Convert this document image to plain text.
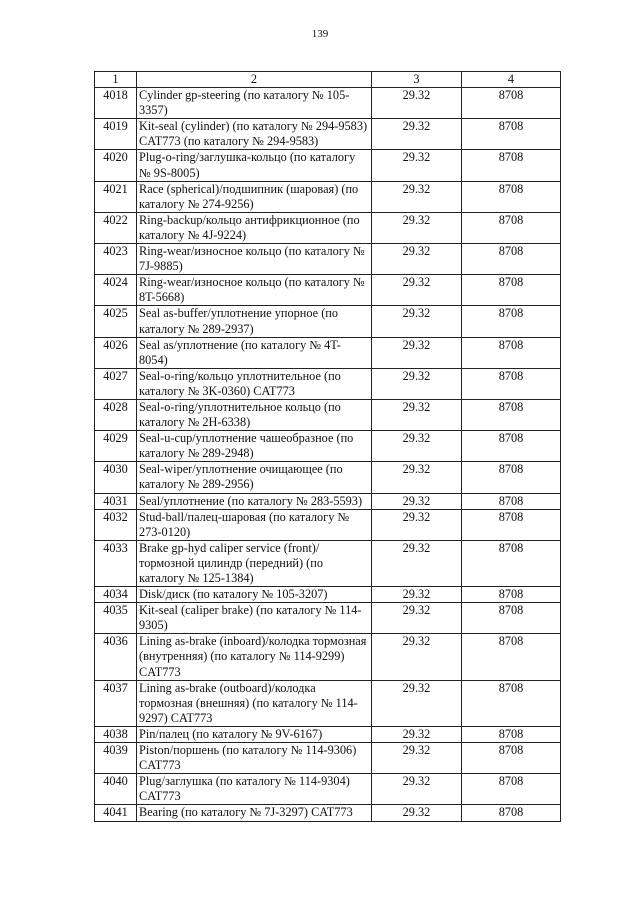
139
1	2	3	4
4018	Cylinder gp-steering (по каталогу № 105-3357)	29.32	8708
4019	Kit-seal (cylinder) (по каталогу № 294-9583) CAT773 (по каталогу № 294-9583)	29.32	8708
4020	Plug-o-ring/заглушка-кольцо (по каталогу № 9S-8005)	29.32	8708
4021	Race (spherical)/подшипник (шаровая) (по каталогу № 274-9256)	29.32	8708
4022	Ring-backup/кольцо антифрикционное (по каталогу № 4J-9224)	29.32	8708
4023	Ring-wear/износное кольцо (по каталогу № 7J-9885)	29.32	8708
4024	Ring-wear/износное кольцо (по каталогу № 8T-5668)	29.32	8708
4025	Seal as-buffer/уплотнение упорное (по каталогу № 289-2937)	29.32	8708
4026	Seal as/уплотнение (по каталогу № 4T-8054)	29.32	8708
4027	Seal-o-ring/кольцо уплотнительное (по каталогу № 3K-0360) CAT773	29.32	8708
4028	Seal-o-ring/уплотнительное кольцо (по каталогу № 2H-6338)	29.32	8708
4029	Seal-u-cup/уплотнение чашеобразное (по каталогу № 289-2948)	29.32	8708
4030	Seal-wiper/уплотнение очищающее (по каталогу № 289-2956)	29.32	8708
4031	Seal/уплотнение (по каталогу № 283-5593)	29.32	8708
4032	Stud-ball/палец-шаровая (по каталогу № 273-0120)	29.32	8708
4033	Brake gp-hyd caliper service (front)/тормозной цилиндр (передний) (по каталогу № 125-1384)	29.32	8708
4034	Disk/диск (по каталогу № 105-3207)	29.32	8708
4035	Kit-seal (caliper brake) (по каталогу № 114-9305)	29.32	8708
4036	Lining as-brake (inboard)/колодка тормозная (внутренняя) (по каталогу № 114-9299) CAT773	29.32	8708
4037	Lining as-brake (outboard)/колодка тормозная (внешняя) (по каталогу № 114-9297) CAT773	29.32	8708
4038	Pin/палец (по каталогу № 9V-6167)	29.32	8708
4039	Piston/поршень (по каталогу № 114-9306) CAT773	29.32	8708
4040	Plug/заглушка (по каталогу № 114-9304) CAT773	29.32	8708
4041	Bearing (по каталогу № 7J-3297) CAT773	29.32	8708
